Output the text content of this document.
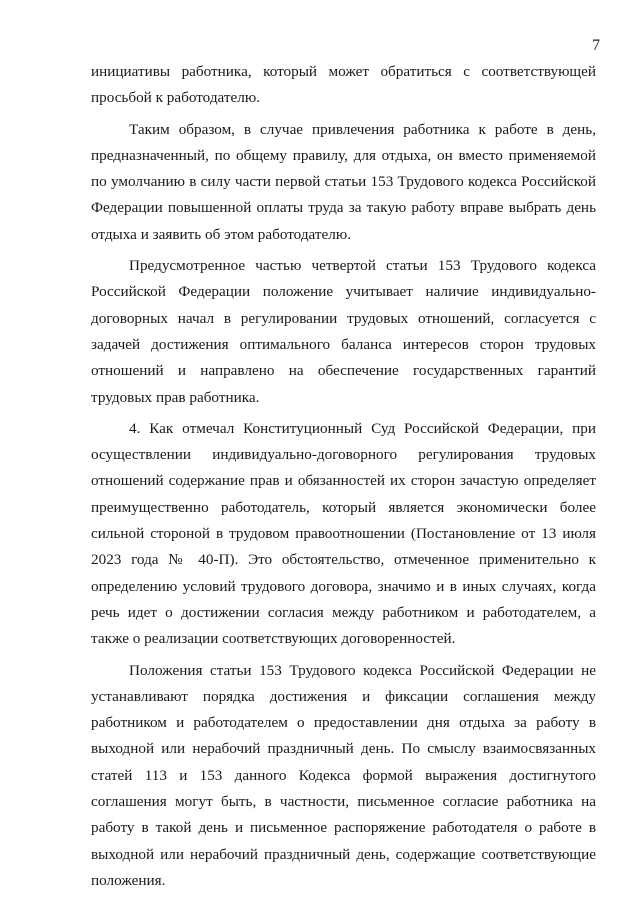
7

инициативы работника, который может обратиться с соответствующей просьбой к работодателю.

Таким образом, в случае привлечения работника к работе в день, предназначенный, по общему правилу, для отдыха, он вместо применяемой по умолчанию в силу части первой статьи 153 Трудового кодекса Российской Федерации повышенной оплаты труда за такую работу вправе выбрать день отдыха и заявить об этом работодателю.

Предусмотренное частью четвертой статьи 153 Трудового кодекса Российской Федерации положение учитывает наличие индивидуально-договорных начал в регулировании трудовых отношений, согласуется с задачей достижения оптимального баланса интересов сторон трудовых отношений и направлено на обеспечение государственных гарантий трудовых прав работника.

4. Как отмечал Конституционный Суд Российской Федерации, при осуществлении индивидуально-договорного регулирования трудовых отношений содержание прав и обязанностей их сторон зачастую определяет преимущественно работодатель, который является экономически более сильной стороной в трудовом правоотношении (Постановление от 13 июля 2023 года № 40-П). Это обстоятельство, отмеченное применительно к определению условий трудового договора, значимо и в иных случаях, когда речь идет о достижении согласия между работником и работодателем, а также о реализации соответствующих договоренностей.

Положения статьи 153 Трудового кодекса Российской Федерации не устанавливают порядка достижения и фиксации соглашения между работником и работодателем о предоставлении дня отдыха за работу в выходной или нерабочий праздничный день. По смыслу взаимосвязанных статей 113 и 153 данного Кодекса формой выражения достигнутого соглашения могут быть, в частности, письменное согласие работника на работу в такой день и письменное распоряжение работодателя о работе в выходной или нерабочий праздничный день, содержащие соответствующие положения.
